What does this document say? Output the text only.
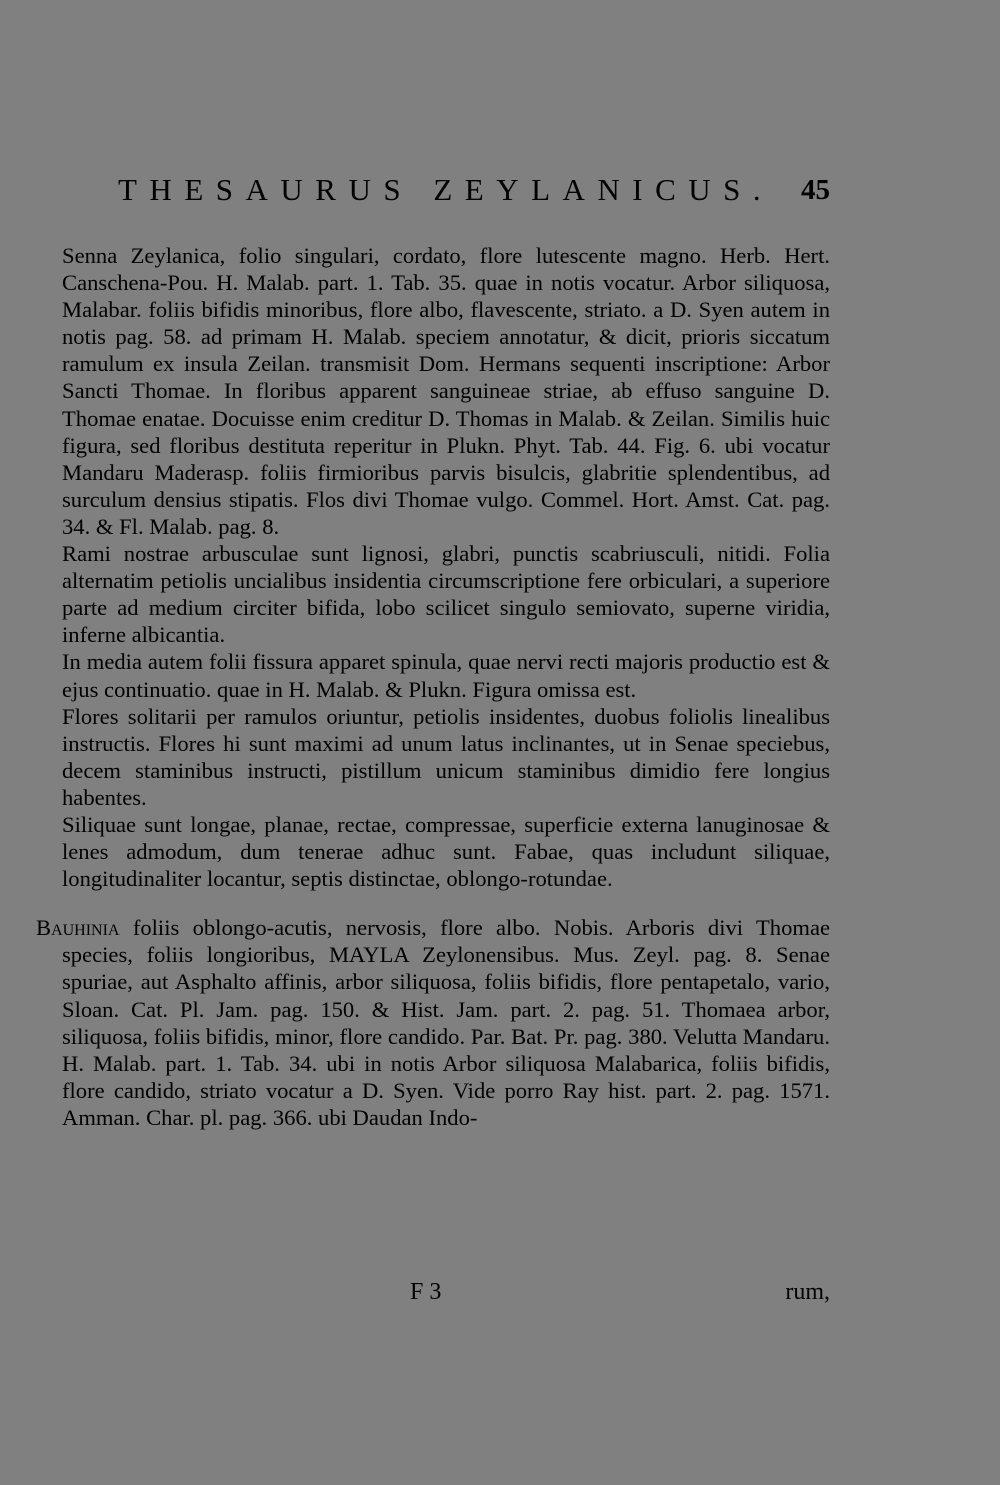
THESAURUS ZEYLANICUS. 45

Senna Zeylanica, folio singulari, cordato, flore lutescente magno. Herb. Hert. Canschena-Pou. H. Malab. part. 1. Tab. 35. quae in notis vocatur. Arbor siliquosa, Malabar. foliis bifidis minoribus, flore albo, flavescente, striato. a D. Syen autem in notis pag. 58. ad primam H. Malab. speciem annotatur, & dicit, prioris siccatum ramulum ex insula Zeilan. transmisit Dom. Hermans sequenti inscriptione: Arbor Sancti Thomae. In floribus apparent sanguineae striae, ab effuso sanguine D. Thomae enatae. Docuisse enim creditur D. Thomas in Malab. & Zeilan. Similis huic figura, sed floribus destituta reperitur in Plukn. Phyt. Tab. 44. Fig. 6. ubi vocatur Mandaru Maderasp. foliis firmioribus parvis bisulcis, glabritie splendentibus, ad surculum densius stipatis. Flos divi Thomae vulgo. Commel. Hort. Amst. Cat. pag. 34. & Fl. Malab. pag. 8.

Rami nostrae arbusculae sunt lignosi, glabri, punctis scabriusculi, nitidi. Folia alternatim petiolis uncialibus insidentia circumscriptione fere orbiculari, a superiore parte ad medium circiter bifida, lobo scilicet singulo semiovato, superne viridia, inferne albicantia.

In media autem folii fissura apparet spinula, quae nervi recti majoris productio est & ejus continuatio. quae in H. Malab. & Plukn. Figura omissa est.

Flores solitarii per ramulos oriuntur, petiolis insidentes, duobus foliolis linealibus instructis. Flores hi sunt maximi ad unum latus inclinantes, ut in Senae speciebus, decem staminibus instructi, pistillum unicum staminibus dimidio fere longius habentes.

Siliquae sunt longae, planae, rectae, compressae, superficie externa lanuginosae & lenes admodum, dum tenerae adhuc sunt. Fabae, quas includunt siliquae, longitudinaliter locantur, septis distinctae, oblongo-rotundae.

Bauhinia foliis oblongo-acutis, nervosis, flore albo. Nobis. Arboris divi Thomae species, foliis longioribus, MAYLA Zeylonensibus. Mus. Zeyl. pag. 8. Senae spuriae, aut Asphalto affinis, arbor siliquosa, foliis bifidis, flore pentapetalo, vario, Sloan. Cat. Pl. Jam. pag. 150. & Hist. Jam. part. 2. pag. 51. Thomaea arbor, siliquosa, foliis bifidis, minor, flore candido. Par. Bat. Pr. pag. 380. Velutta Mandaru. H. Malab. part. 1. Tab. 34. ubi in notis Arbor siliquosa Malabarica, foliis bifidis, flore candido, striato vocatur a D. Syen. Vide porro Ray hist. part. 2. pag. 1571. Amman. Char. pl. pag. 366. ubi Daudan Indo-

F 3	rum,
